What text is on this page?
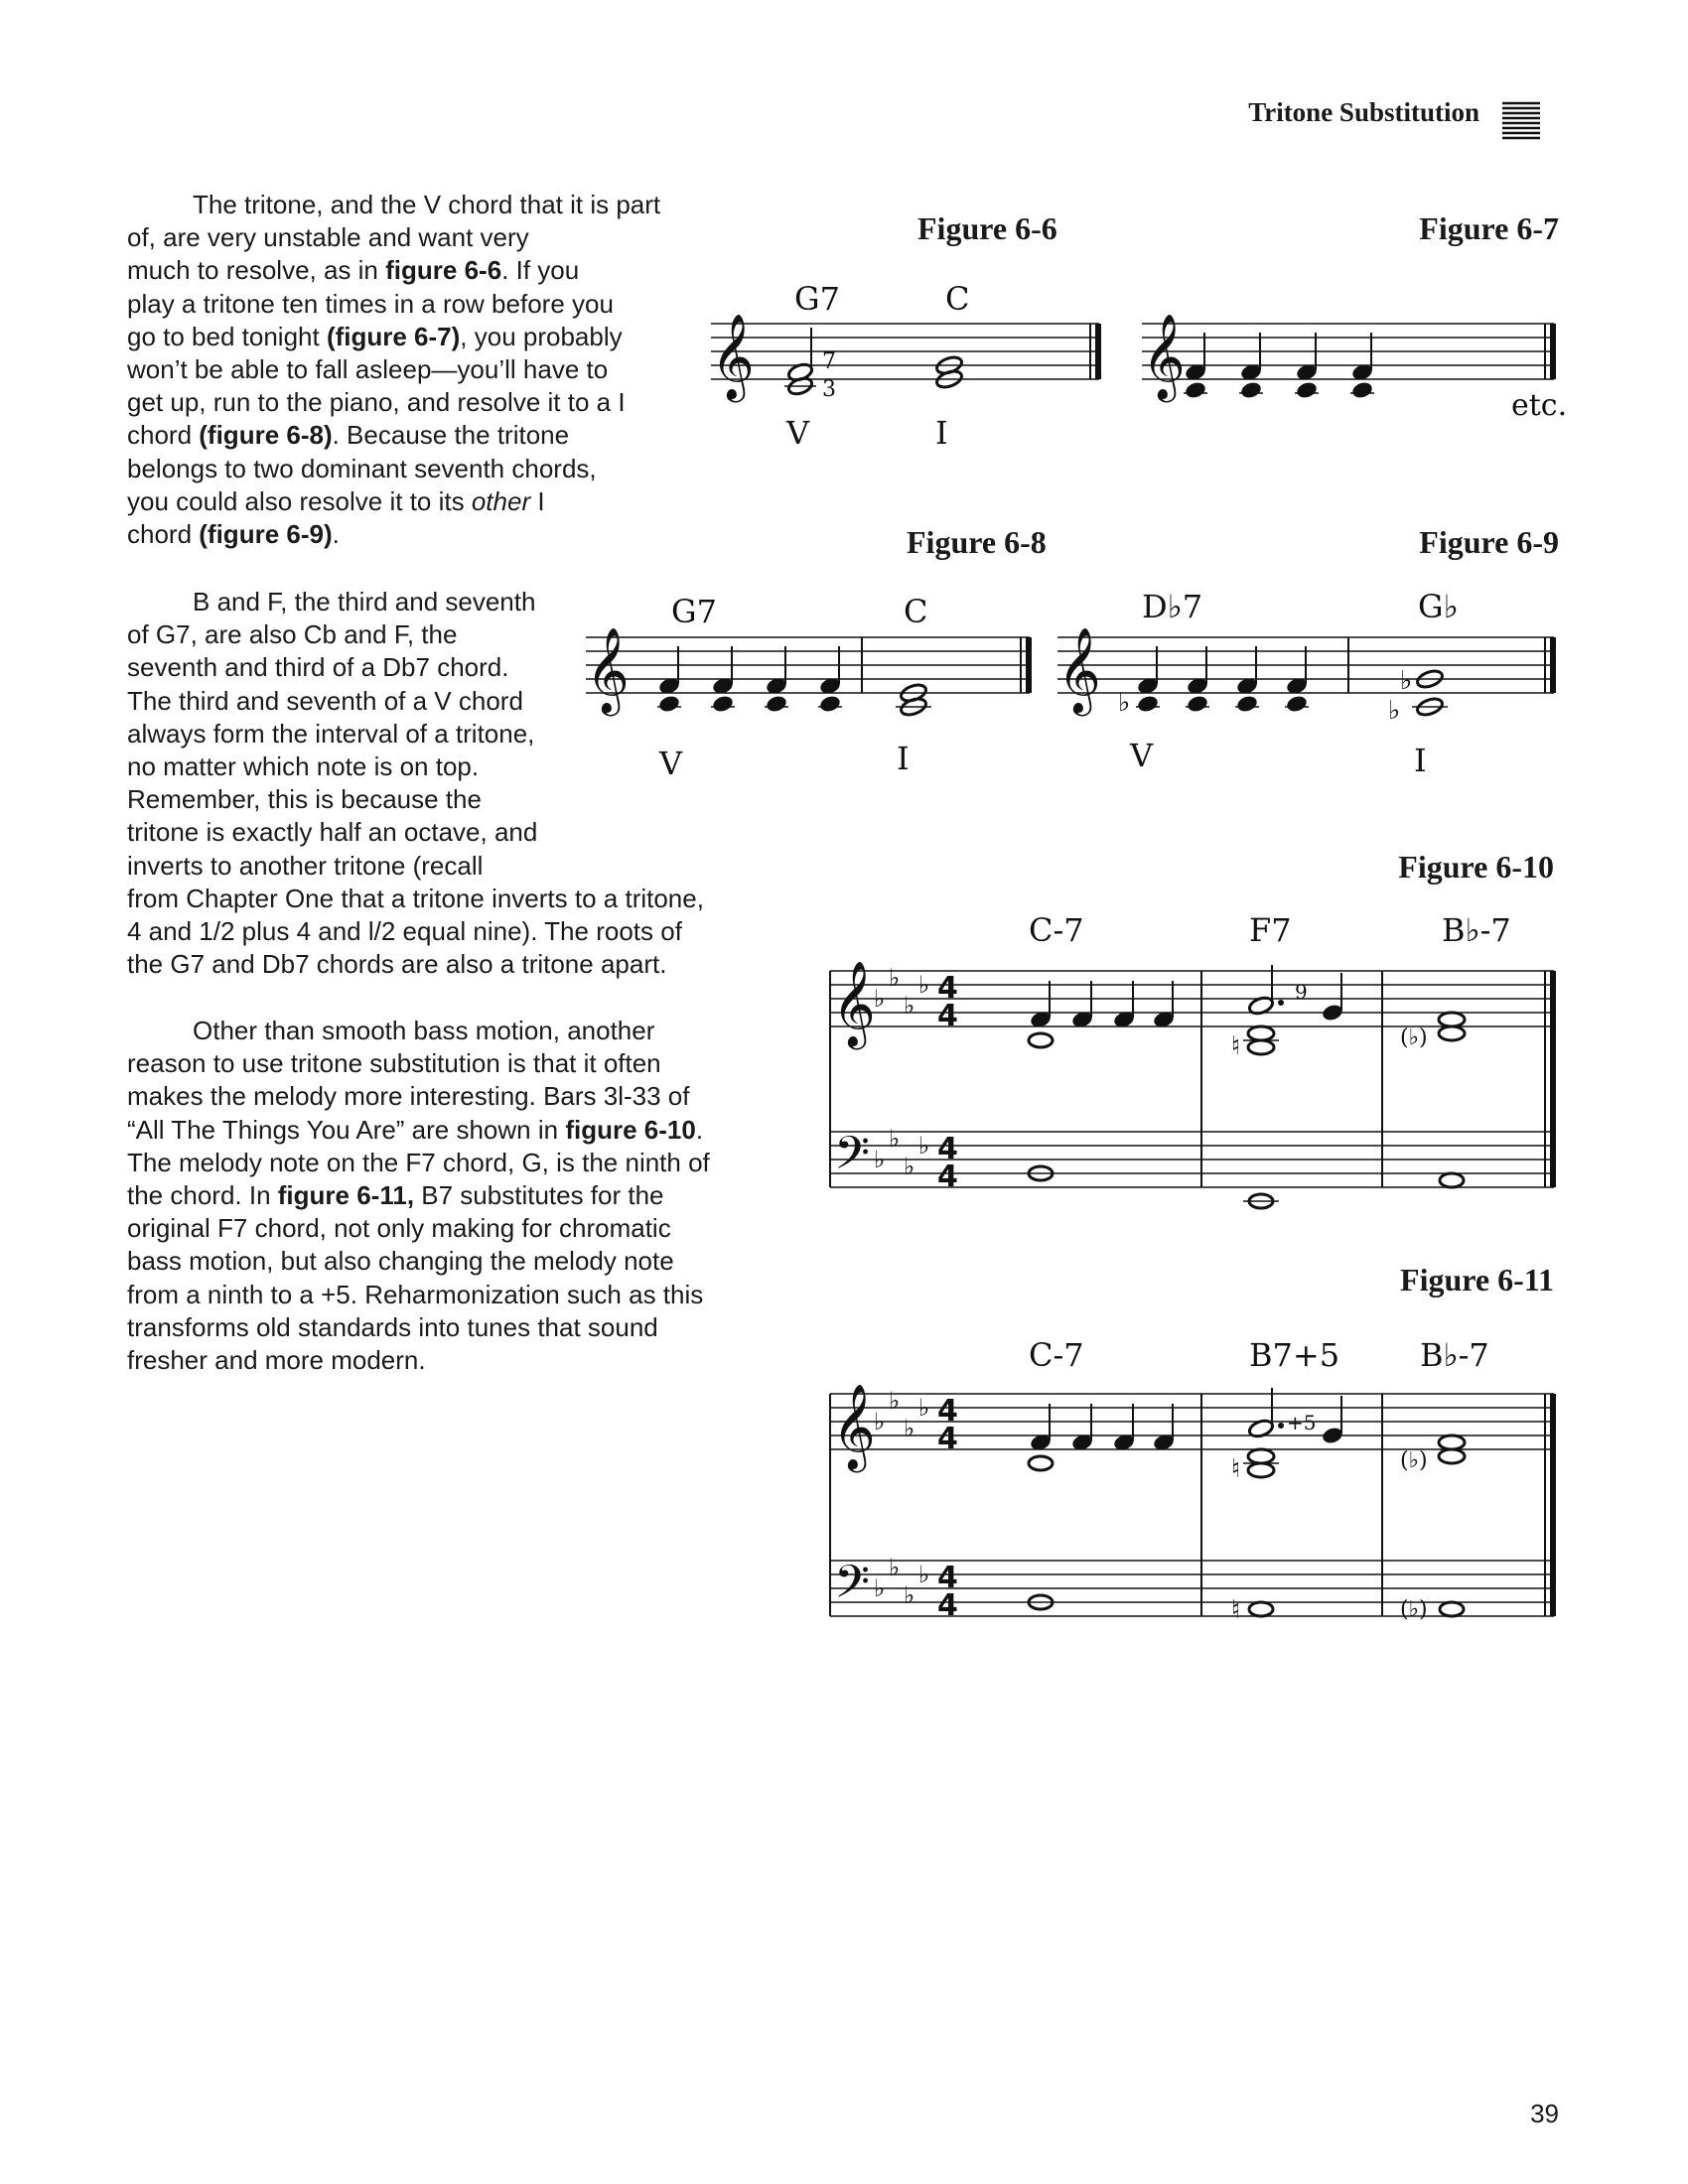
Tritone Substitution

The tritone, and the V chord that it is part

of, are very unstable and want very

much to resolve, as in figure 6-6. If you

play a tritone ten times in a row before you

go to bed tonight (figure 6-7), you probably

won’t be able to fall asleep—you’ll have to

get up, run to the piano, and resolve it to a I

chord (figure 6-8). Because the tritone

belongs to two dominant seventh chords,

you could also resolve it to its other I

chord (figure 6-9).

B and F, the third and seventh

of G7, are also Cb and F, the

seventh and third of a Db7 chord.

The third and seventh of a V chord

always form the interval of a tritone,

no matter which note is on top.

Remember, this is because the

tritone is exactly half an octave, and

inverts to another tritone (recall

from Chapter One that a tritone inverts to a tritone,

4 and 1/2 plus 4 and l/2 equal nine). The roots of

the G7 and Db7 chords are also a tritone apart.

Other than smooth bass motion, another

reason to use tritone substitution is that it often

makes the melody more interesting. Bars 3l-33 of

“All The Things You Are” are shown in figure 6-10.

The melody note on the F7 chord, G, is the ninth of

the chord. In figure 6-11, B7 substitutes for the

original F7 chord, not only making for chromatic

bass motion, but also changing the melody note

from a ninth to a +5. Reharmonization such as this

transforms old standards into tunes that sound

fresher and more modern.

Figure 6-6	Figure 6-7
Figure 6-8	Figure 6-9
Figure 6-10
Figure 6-11
𝄞
G7	C
7
3
V	I
𝄞
etc.
𝄞
G7	C
V	I
𝄞
D♭7	G♭
♭
♭
♭
V	I
𝄞
𝄢
♭
♭
♭
♭
♭
♭
♭
♭
4
4
4
4
C-7	F7	B♭-7
9
♮	(♭)
𝄞
𝄢
♭
♭
♭
♭
♭
♭
♭
♭
4
4
4
4
C-7	B7+5	B♭-7
+5
♮	(♭)
♮	(♭)
39
